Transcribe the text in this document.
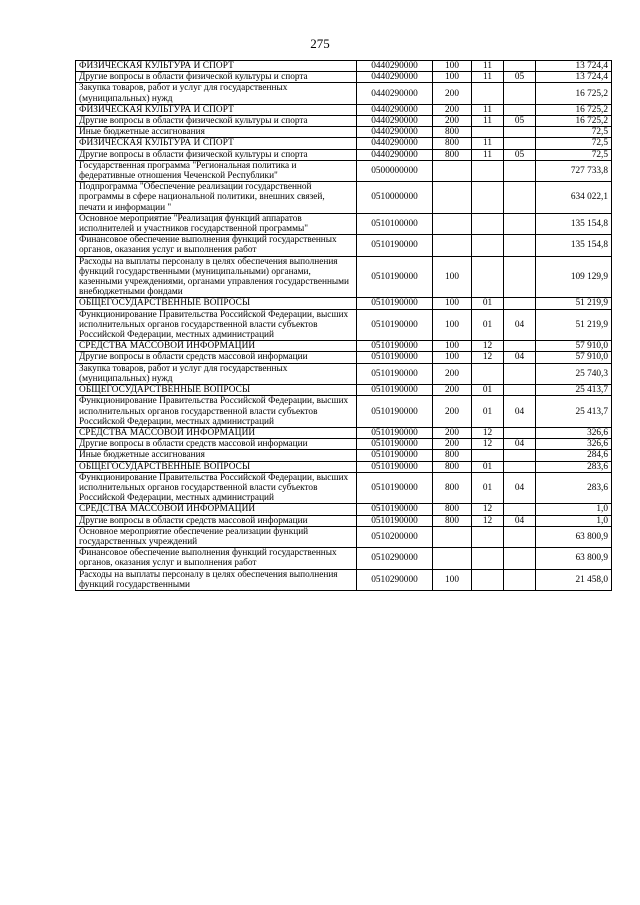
275
ФИЗИЧЕСКАЯ КУЛЬТУРА И СПОРТ	0440290000	100	11		13 724,4
Другие вопросы в области физической культуры и спорта	0440290000	100	11	05	13 724,4
Закупка товаров, работ и услуг для государственных (муниципальных) нужд	0440290000	200			16 725,2
ФИЗИЧЕСКАЯ КУЛЬТУРА И СПОРТ	0440290000	200	11		16 725,2
Другие вопросы в области физической культуры и спорта	0440290000	200	11	05	16 725,2
Иные бюджетные ассигнования	0440290000	800			72,5
ФИЗИЧЕСКАЯ КУЛЬТУРА И СПОРТ	0440290000	800	11		72,5
Другие вопросы в области физической культуры и спорта	0440290000	800	11	05	72,5
Государственная программа "Региональная политика и федеративные отношения Чеченской Республики"	0500000000				727 733,8
Подпрограмма "Обеспечение реализации государственной программы в сфере национальной политики, внешних связей, печати и информации "	0510000000				634 022,1
Основное мероприятие "Реализация функций аппаратов исполнителей и участников государственной программы"	0510100000				135 154,8
Финансовое обеспечение выполнения функций государственных органов, оказания услуг и выполнения работ	0510190000				135 154,8
Расходы на выплаты персоналу в целях обеспечения выполнения функций государственными (муниципальными) органами, казенными учреждениями, органами управления государственными внебюджетными фондами	0510190000	100			109 129,9
ОБЩЕГОСУДАРСТВЕННЫЕ ВОПРОСЫ	0510190000	100	01		51 219,9
Функционирование Правительства Российской Федерации, высших исполнительных органов государственной власти субъектов Российской Федерации, местных администраций	0510190000	100	01	04	51 219,9
СРЕДСТВА МАССОВОЙ ИНФОРМАЦИИ	0510190000	100	12		57 910,0
Другие вопросы в области средств массовой информации	0510190000	100	12	04	57 910,0
Закупка товаров, работ и услуг для государственных (муниципальных) нужд	0510190000	200			25 740,3
ОБЩЕГОСУДАРСТВЕННЫЕ ВОПРОСЫ	0510190000	200	01		25 413,7
Функционирование Правительства Российской Федерации, высших исполнительных органов государственной власти субъектов Российской Федерации, местных администраций	0510190000	200	01	04	25 413,7
СРЕДСТВА МАССОВОЙ ИНФОРМАЦИИ	0510190000	200	12		326,6
Другие вопросы в области средств массовой информации	0510190000	200	12	04	326,6
Иные бюджетные ассигнования	0510190000	800			284,6
ОБЩЕГОСУДАРСТВЕННЫЕ ВОПРОСЫ	0510190000	800	01		283,6
Функционирование Правительства Российской Федерации, высших исполнительных органов государственной власти субъектов Российской Федерации, местных администраций	0510190000	800	01	04	283,6
СРЕДСТВА МАССОВОЙ ИНФОРМАЦИИ	0510190000	800	12		1,0
Другие вопросы в области средств массовой информации	0510190000	800	12	04	1,0
Основное мероприятие обеспечение реализации функций государственных учреждений	0510200000				63 800,9
Финансовое обеспечение выполнения функций государственных органов, оказания услуг и выполнения работ	0510290000				63 800,9
Расходы на выплаты персоналу в целях обеспечения выполнения функций государственными	0510290000	100			21 458,0
